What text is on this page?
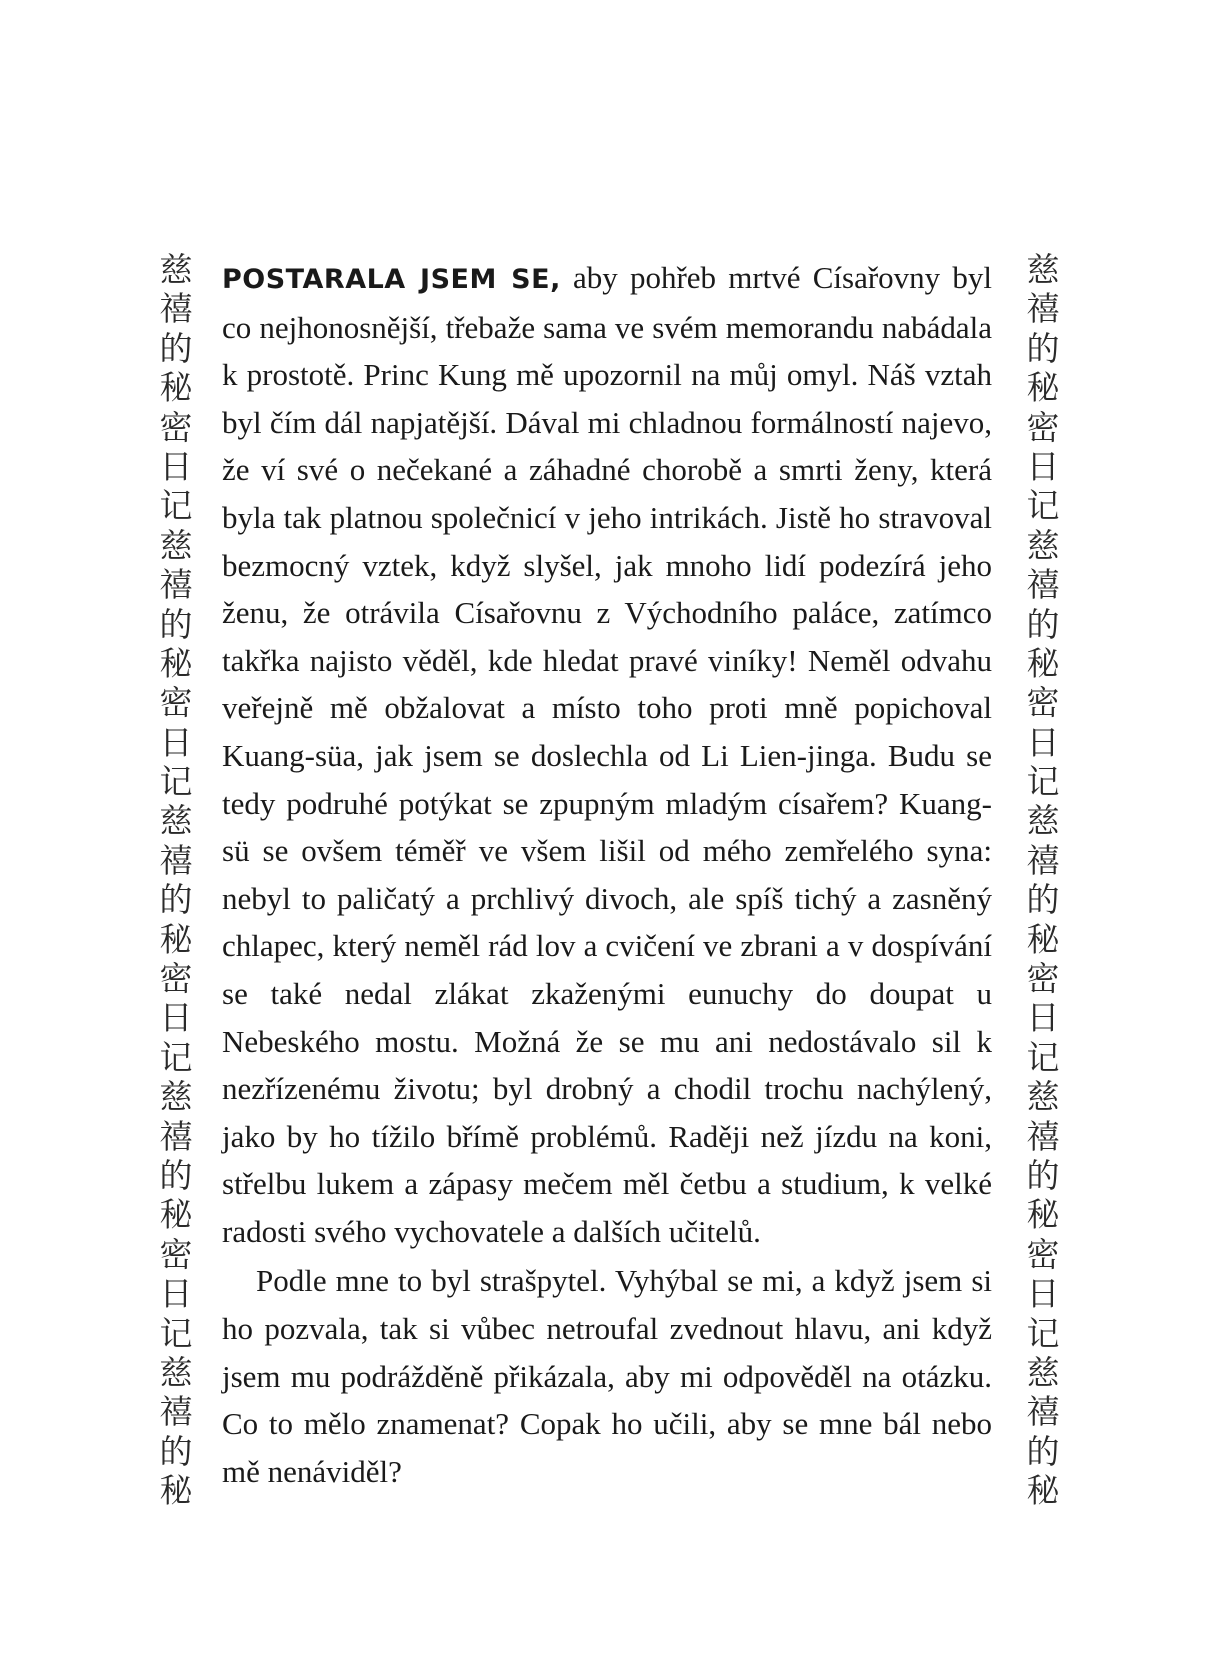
慈
禧
的
秘
密
日
记
慈
禧
的
秘
密
日
记
慈
禧
的
秘
密
日
记
慈
禧
的
秘
密
日
记
慈
禧
的
秘
慈
禧
的
秘
密
日
记
慈
禧
的
秘
密
日
记
慈
禧
的
秘
密
日
记
慈
禧
的
秘
密
日
记
慈
禧
的
秘

POSTARALA JSEM SE, aby pohřeb mrtvé Císařovny byl co nejhonosnější, třebaže sama ve svém memorandu nabádala k prostotě. Princ Kung mě upozornil na můj omyl. Náš vztah byl čím dál napjatější. Dával mi chladnou formálností najevo, že ví své o nečekané a záhadné chorobě a smrti ženy, která byla tak platnou společnicí v jeho intrikách. Jistě ho stravoval bezmocný vztek, když slyšel, jak mnoho lidí podezírá jeho ženu, že otrávila Císařovnu z Východního paláce, zatímco takřka najisto věděl, kde hledat pravé viníky! Neměl odvahu veřejně mě obžalovat a místo toho proti mně popichoval Kuang-süa, jak jsem se doslechla od Li Lien-jinga. Budu se tedy podruhé potýkat se zpupným mladým císařem? Kuang-sü se ovšem téměř ve všem lišil od mého zemřelého syna: nebyl to paličatý a prchlivý divoch, ale spíš tichý a zasněný chlapec, který neměl rád lov a cvičení ve zbrani a v dospívání se také nedal zlákat zkaženými eunuchy do doupat u Nebeského mostu. Možná že se mu ani nedostávalo sil k nezřízenému životu; byl drobný a chodil trochu nachýlený, jako by ho tížilo břímě problémů. Raději než jízdu na koni, střelbu lukem a zápasy mečem měl četbu a studium, k velké radosti svého vychovatele a dalších učitelů.

Podle mne to byl strašpytel. Vyhýbal se mi, a když jsem si ho pozvala, tak si vůbec netroufal zvednout hlavu, ani když jsem mu podrážděně přikázala, aby mi odpověděl na otázku. Co to mělo znamenat? Copak ho učili, aby se mne bál nebo mě nenáviděl?
